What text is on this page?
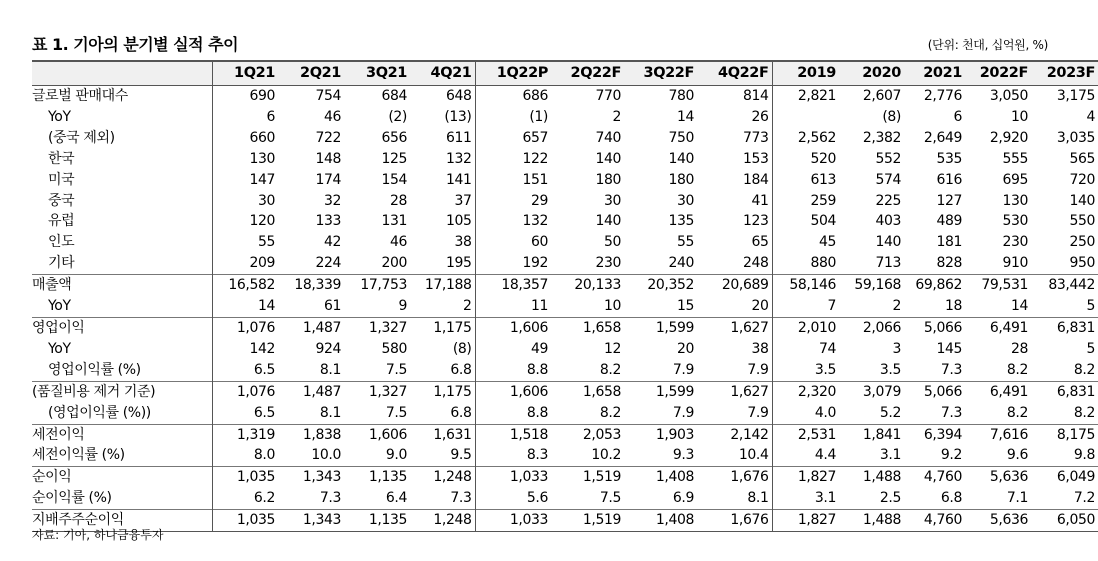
표 1. 기아의 분기별 실적 추이	(단위: 천대, 십억원, %)
	1Q21	2Q21	3Q21	4Q21	1Q22P	2Q22F	3Q22F	4Q22F	2019	2020	2021	2022F	2023F
글로벌 판매대수	690	754	684	648	686	770	780	814	2,821	2,607	2,776	3,050	3,175
YoY	6	46	(2)	(13)	(1)	2	14	26		(8)	6	10	4
(중국 제외)	660	722	656	611	657	740	750	773	2,562	2,382	2,649	2,920	3,035
한국	130	148	125	132	122	140	140	153	520	552	535	555	565
미국	147	174	154	141	151	180	180	184	613	574	616	695	720
중국	30	32	28	37	29	30	30	41	259	225	127	130	140
유럽	120	133	131	105	132	140	135	123	504	403	489	530	550
인도	55	42	46	38	60	50	55	65	45	140	181	230	250
기타	209	224	200	195	192	230	240	248	880	713	828	910	950
매출액	16,582	18,339	17,753	17,188	18,357	20,133	20,352	20,689	58,146	59,168	69,862	79,531	83,442
YoY	14	61	9	2	11	10	15	20	7	2	18	14	5
영업이익	1,076	1,487	1,327	1,175	1,606	1,658	1,599	1,627	2,010	2,066	5,066	6,491	6,831
YoY	142	924	580	(8)	49	12	20	38	74	3	145	28	5
영업이익률 (%)	6.5	8.1	7.5	6.8	8.8	8.2	7.9	7.9	3.5	3.5	7.3	8.2	8.2
(품질비용 제거 기준)	1,076	1,487	1,327	1,175	1,606	1,658	1,599	1,627	2,320	3,079	5,066	6,491	6,831
(영업이익률 (%))	6.5	8.1	7.5	6.8	8.8	8.2	7.9	7.9	4.0	5.2	7.3	8.2	8.2
세전이익	1,319	1,838	1,606	1,631	1,518	2,053	1,903	2,142	2,531	1,841	6,394	7,616	8,175
세전이익률 (%)	8.0	10.0	9.0	9.5	8.3	10.2	9.3	10.4	4.4	3.1	9.2	9.6	9.8
순이익	1,035	1,343	1,135	1,248	1,033	1,519	1,408	1,676	1,827	1,488	4,760	5,636	6,049
순이익률 (%)	6.2	7.3	6.4	7.3	5.6	7.5	6.9	8.1	3.1	2.5	6.8	7.1	7.2
지배주주순이익	1,035	1,343	1,135	1,248	1,033	1,519	1,408	1,676	1,827	1,488	4,760	5,636	6,050
자료: 기아, 하나금융투자
